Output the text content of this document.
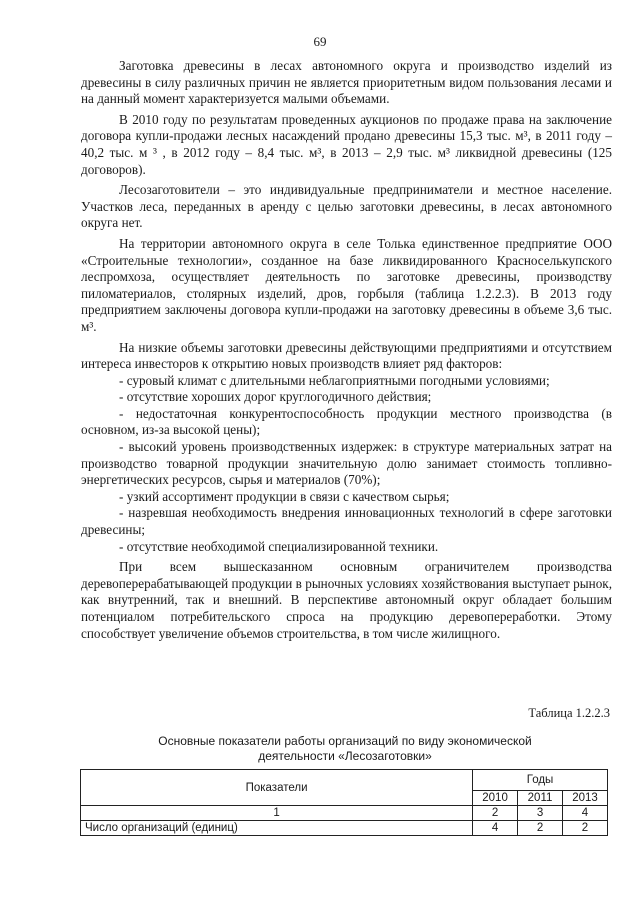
69

Заготовка древесины в лесах автономного округа и производство изделий из древесины в силу различных причин не является приоритетным видом пользования лесами и на данный момент характеризуется малыми объемами.

В 2010 году по результатам проведенных аукционов по продаже права на заключение договора купли-продажи лесных насаждений продано древесины 15,3 тыс. м³, в 2011 году – 40,2 тыс. м ³ , в 2012 году – 8,4 тыс. м³, в 2013 – 2,9 тыс. м³ ликвидной древесины (125 договоров).

Лесозаготовители – это индивидуальные предприниматели и местное население. Участков леса, переданных в аренду с целью заготовки древесины, в лесах автономного округа нет.

На территории автономного округа в селе Толька единственное предприятие ООО «Строительные технологии», созданное на базе ликвидированного Красноселькупского леспромхоза, осуществляет деятельность по заготовке древесины, производству пиломатериалов, столярных изделий, дров, горбыля (таблица 1.2.2.3). В 2013 году предприятием заключены договора купли-продажи на заготовку древесины в объеме 3,6 тыс. м³.

На низкие объемы заготовки древесины действующими предприятиями и отсутствием интереса инвесторов к открытию новых производств влияет ряд факторов:

- суровый климат с длительными неблагоприятными погодными условиями;

- отсутствие хороших дорог круглогодичного действия;

- недостаточная конкурентоспособность продукции местного производства (в основном, из-за высокой цены);

- высокий уровень производственных издержек: в структуре материальных затрат на производство товарной продукции значительную долю занимает стоимость топливно-энергетических ресурсов, сырья и материалов (70%);

- узкий ассортимент продукции в связи с качеством сырья;

- назревшая необходимость внедрения инновационных технологий в сфере заготовки древесины;

- отсутствие необходимой специализированной техники.

При всем вышесказанном основным ограничителем производства деревоперерабатывающей продукции в рыночных условиях хозяйствования выступает рынок, как внутренний, так и внешний. В перспективе автономный округ обладает большим потенциалом потребительского спроса на продукцию деревопереработки. Этому способствует увеличение объемов строительства, в том числе жилищного.

Таблица 1.2.2.3
Основные показатели работы организаций по виду экономической деятельности «Лесозаготовки»
Показатели	Годы		
	2010	2011	2013
1	2	3	4
Число организаций (единиц)	4	2	2
